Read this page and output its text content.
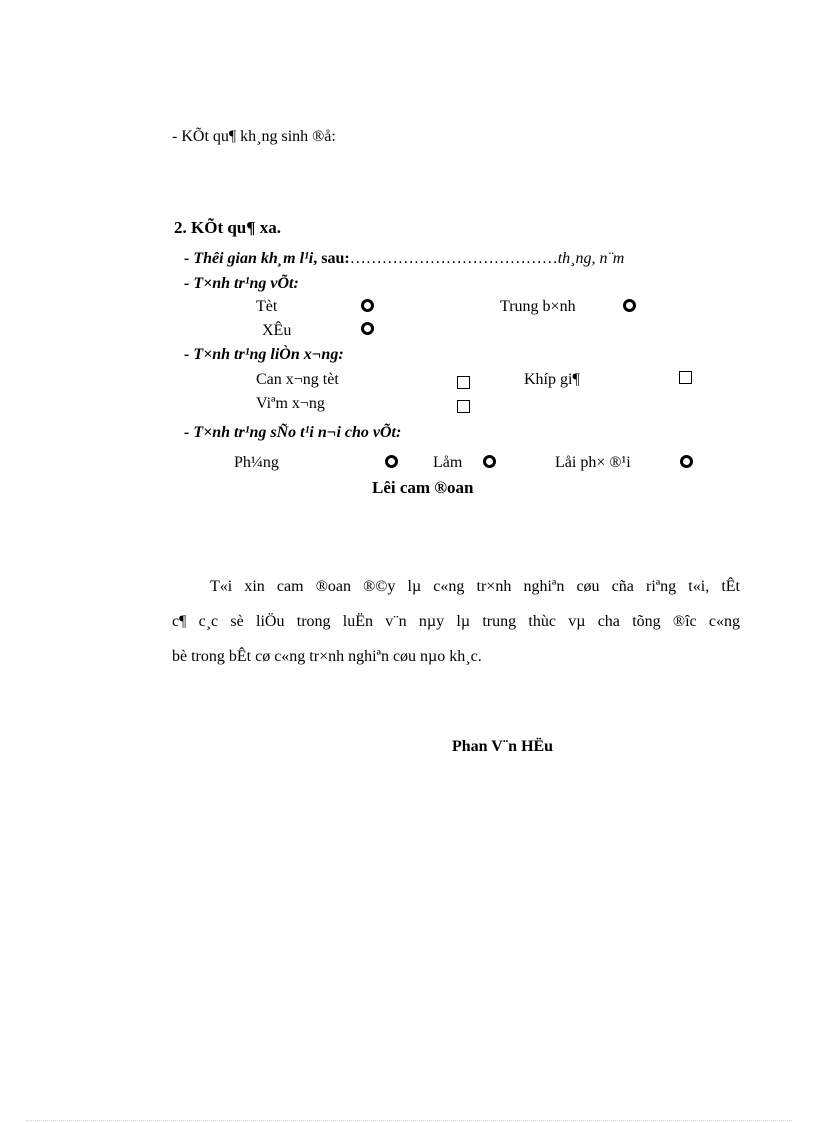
- KÕt qu¶ kh¸ng sinh ®å:
2. KÕt qu¶ xa.
- Thêi gian kh¸m l¹i, sau:…………………………………th¸ng, n¨m
- T×nh tr¹ng vÕt:
Tèt	Trung b×nh
XÊu
- T×nh tr¹ng liÒn x¬ng:
Can x¬ng tèt	Khíp gi¶
Viªm x¬ng
- T×nh tr¹ng sÑo t¹i n¬i cho vÕt:
Ph¼ng	Låm	Låi ph× ®¹i
Lêi cam ®oan
T«i xin cam ®oan ®©y lµ c«ng tr×nh nghiªn cøu cña riªng t«i, tÊt
c¶ c¸c sè liÖu trong luËn v¨n nµy lµ trung thùc vµ cha tõng ®îc c«ng
bè trong bÊt cø c«ng tr×nh nghiªn cøu nµo kh¸c.
Phan V¨n HËu
